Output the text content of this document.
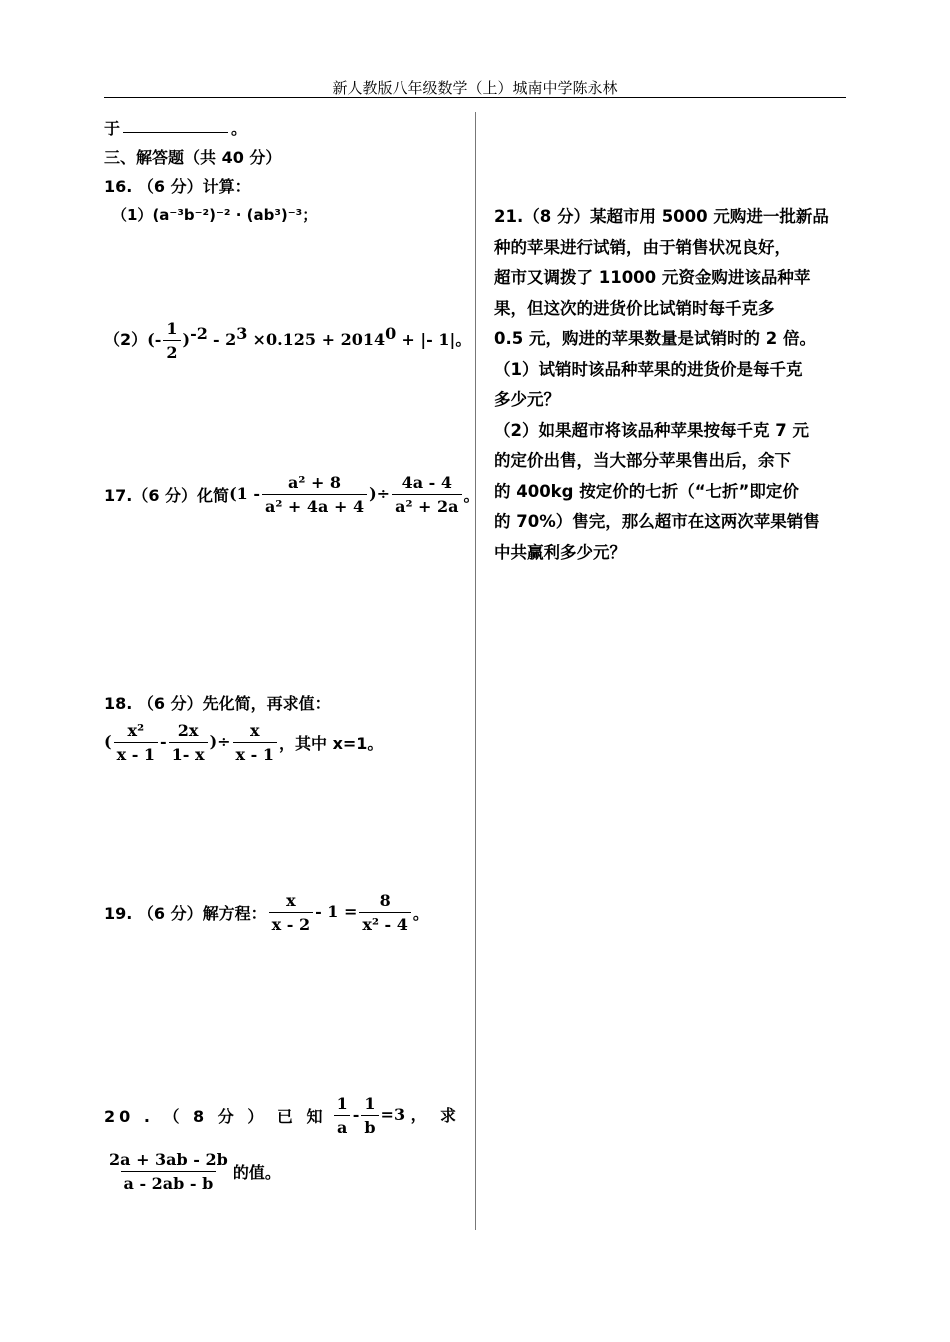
新人教版八年级数学（上）城南中学陈永林
于	。
三、解答题（共 40 分）
16. （6 分）计算：
（1）(a⁻³b⁻²)⁻² · (ab³)⁻³；
$(2)(- \frac{1}{2} )^{-2} - 2^3 \times 0.125 + 2014^0$ + |- 1|。
17.（6 分）化简($1 - \frac{\text{a² + 8}}{\text{a² + 4a + 4}}$ )÷ $\frac{4a - 4}{\text{a² + 2a}}$ 。
18. （6 分）先化简，再求值：
( $\frac{\text{x²}}{x - 1} - \frac{2x}{1- x}$ )÷ $\frac{x}{x - 1}$ ，其中 x=1。
19. （6 分）解方程： $\frac{x}{x - 2} - 1 = \frac{8}{\text{x² - 4}}$ 。
20 . （ 8 分 ） 已 知 $\frac{1}{a} - \frac{1}{b} =3$ ， 求
$\frac{2a + 3ab - 2b}{a - 2ab - b}$ 的值。
21.（8 分）某超市用 5000 元购进一批新品
种的苹果进行试销，由于销售状况良好，
超市又调拨了 11000 元资金购进该品种苹
果，但这次的进货价比试销时每千克多
0.5 元，购进的苹果数量是试销时的 2 倍。
（1）试销时该品种苹果的进货价是每千克
多少元？
（2）如果超市将该品种苹果按每千克 7 元
的定价出售，当大部分苹果售出后，余下
的 400kg 按定价的七折（“七折”即定价
的 70%）售完，那么超市在这两次苹果销售
中共赢利多少元？
